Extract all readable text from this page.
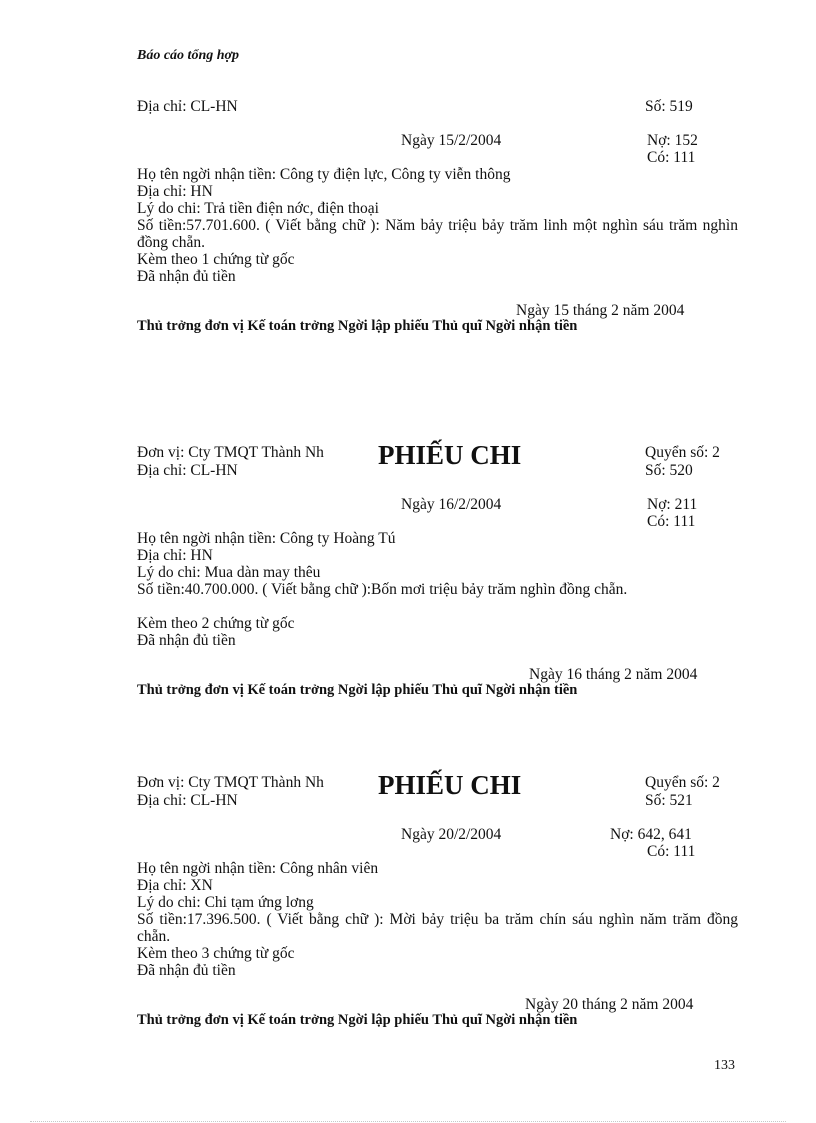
Báo cáo tổng hợp
Địa chỉ: CL-HN	Số: 519
Ngày 15/2/2004	Nợ: 152
Có: 111
Họ tên ngời nhận tiền: Công ty điện lực, Công ty viễn thông
Địa chỉ: HN
Lý do chi: Trả tiền điện nớc, điện thoại
Số tiền:57.701.600. ( Viết bằng chữ ): Năm bảy triệu bảy trăm linh một nghìn sáu trăm nghìn đồng chẵn.
Kèm theo 1 chứng từ gốc
Đã nhận đủ tiền
Ngày 15 tháng 2 năm 2004
Thủ trởng đơn vị Kế toán trởng Ngời lập phiếu Thủ quĩ Ngời nhận tiền
Đơn vị: Cty TMQT Thành Nh PHIẾU CHI	Quyển số: 2
Địa chỉ: CL-HN	Số: 520
Ngày 16/2/2004	Nợ: 211
Có: 111
Họ tên ngời nhận tiền: Công ty Hoàng Tú
Địa chỉ: HN
Lý do chi: Mua dàn may thêu
Số tiền:40.700.000. ( Viết bằng chữ ):Bốn mơi triệu bảy trăm nghìn đồng chẵn.
Kèm theo 2 chứng từ gốc
Đã nhận đủ tiền
Ngày 16 tháng 2 năm 2004
Thủ trởng đơn vị Kế toán trởng Ngời lập phiếu Thủ quĩ Ngời nhận tiền
Đơn vị: Cty TMQT Thành Nh PHIẾU CHI	Quyển số: 2
Địa chỉ: CL-HN	Số: 521
Ngày 20/2/2004	Nợ: 642, 641
Có: 111
Họ tên ngời nhận tiền: Công nhân viên
Địa chỉ: XN
Lý do chi: Chi tạm ứng lơng
Số tiền:17.396.500. ( Viết bằng chữ ): Mời bảy triệu ba trăm chín sáu nghìn năm trăm đồng chẵn.
Kèm theo 3 chứng từ gốc
Đã nhận đủ tiền
Ngày 20 tháng 2 năm 2004
Thủ trởng đơn vị Kế toán trởng Ngời lập phiếu Thủ quĩ Ngời nhận tiền
133
